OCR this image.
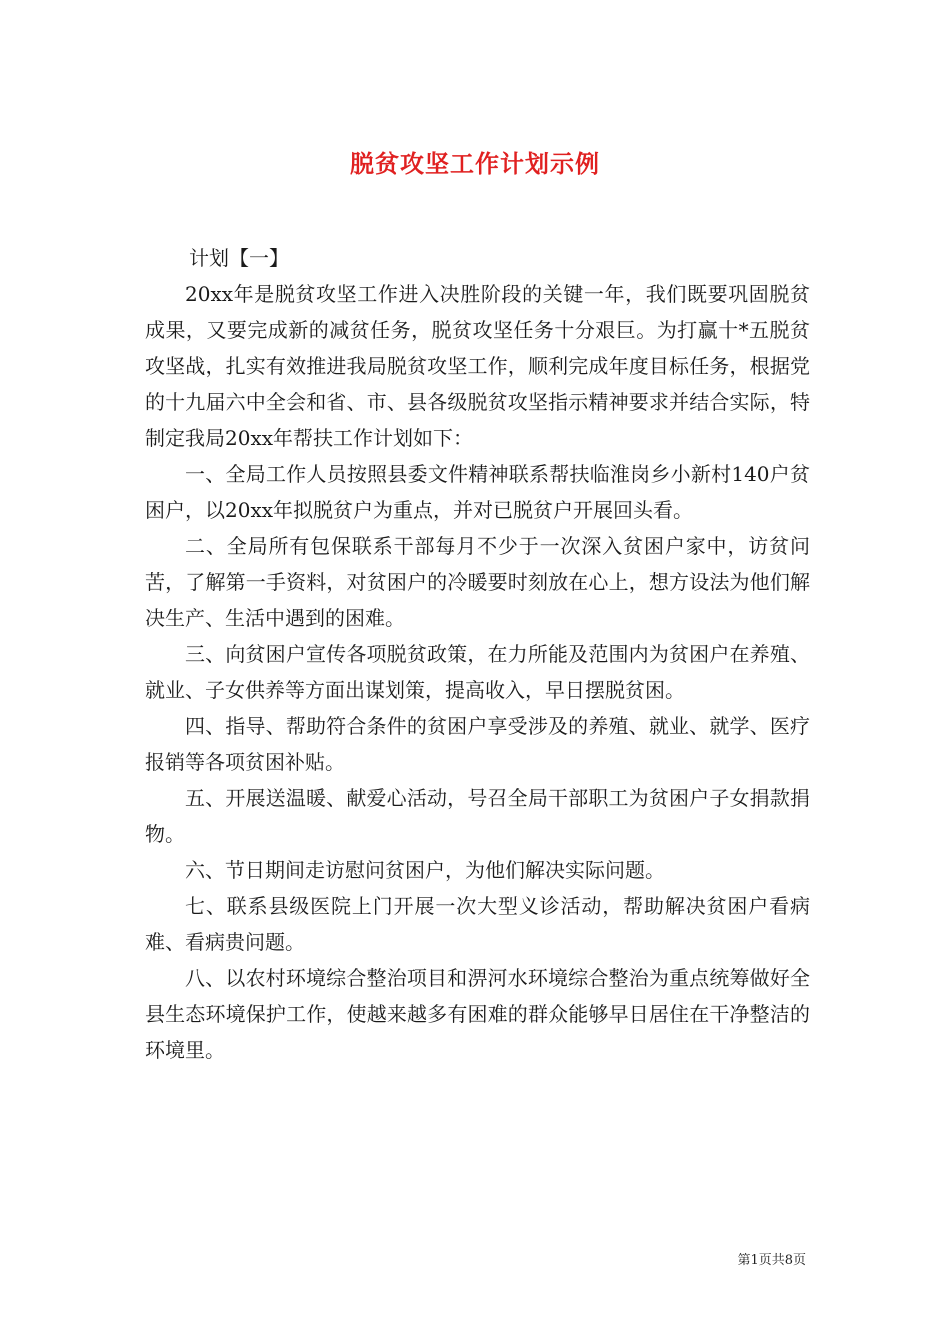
脱贫攻坚工作计划示例

计划【一】

20xx年是脱贫攻坚工作进入决胜阶段的关键一年，我们既要巩固脱贫成果，又要完成新的减贫任务，脱贫攻坚任务十分艰巨。为打赢十*五脱贫攻坚战，扎实有效推进我局脱贫攻坚工作，顺利完成年度目标任务，根据党的十九届六中全会和省、市、县各级脱贫攻坚指示精神要求并结合实际，特制定我局20xx年帮扶工作计划如下：

一、全局工作人员按照县委文件精神联系帮扶临淮岗乡小新村140户贫困户，以20xx年拟脱贫户为重点，并对已脱贫户开展回头看。

二、全局所有包保联系干部每月不少于一次深入贫困户家中，访贫问苦，了解第一手资料，对贫困户的冷暖要时刻放在心上，想方设法为他们解决生产、生活中遇到的困难。

三、向贫困户宣传各项脱贫政策，在力所能及范围内为贫困户在养殖、就业、子女供养等方面出谋划策，提高收入，早日摆脱贫困。

四、指导、帮助符合条件的贫困户享受涉及的养殖、就业、就学、医疗报销等各项贫困补贴。

五、开展送温暖、献爱心活动，号召全局干部职工为贫困户子女捐款捐物。

六、节日期间走访慰问贫困户，为他们解决实际问题。

七、联系县级医院上门开展一次大型义诊活动，帮助解决贫困户看病难、看病贵问题。

八、以农村环境综合整治项目和淠河水环境综合整治为重点统筹做好全县生态环境保护工作，使越来越多有困难的群众能够早日居住在干净整洁的环境里。

第1页共8页
